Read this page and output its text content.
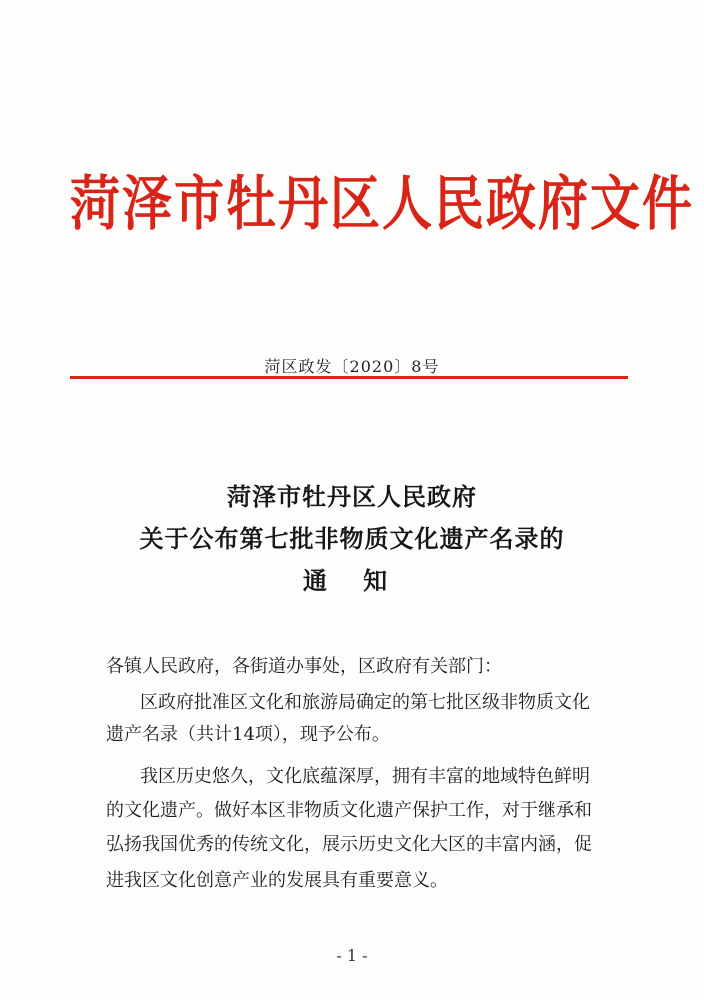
菏泽市牡丹区人民政府文件
菏区政发〔2020〕8号
菏泽市牡丹区人民政府
关于公布第七批非物质文化遗产名录的
通 知
各镇人民政府，各街道办事处，区政府有关部门：
区政府批准区文化和旅游局确定的第七批区级非物质文化
遗产名录（共计14项），现予公布。
我区历史悠久，文化底蕴深厚，拥有丰富的地域特色鲜明
的文化遗产。做好本区非物质文化遗产保护工作，对于继承和
弘扬我国优秀的传统文化，展示历史文化大区的丰富内涵，促
进我区文化创意产业的发展具有重要意义。
- 1 -
